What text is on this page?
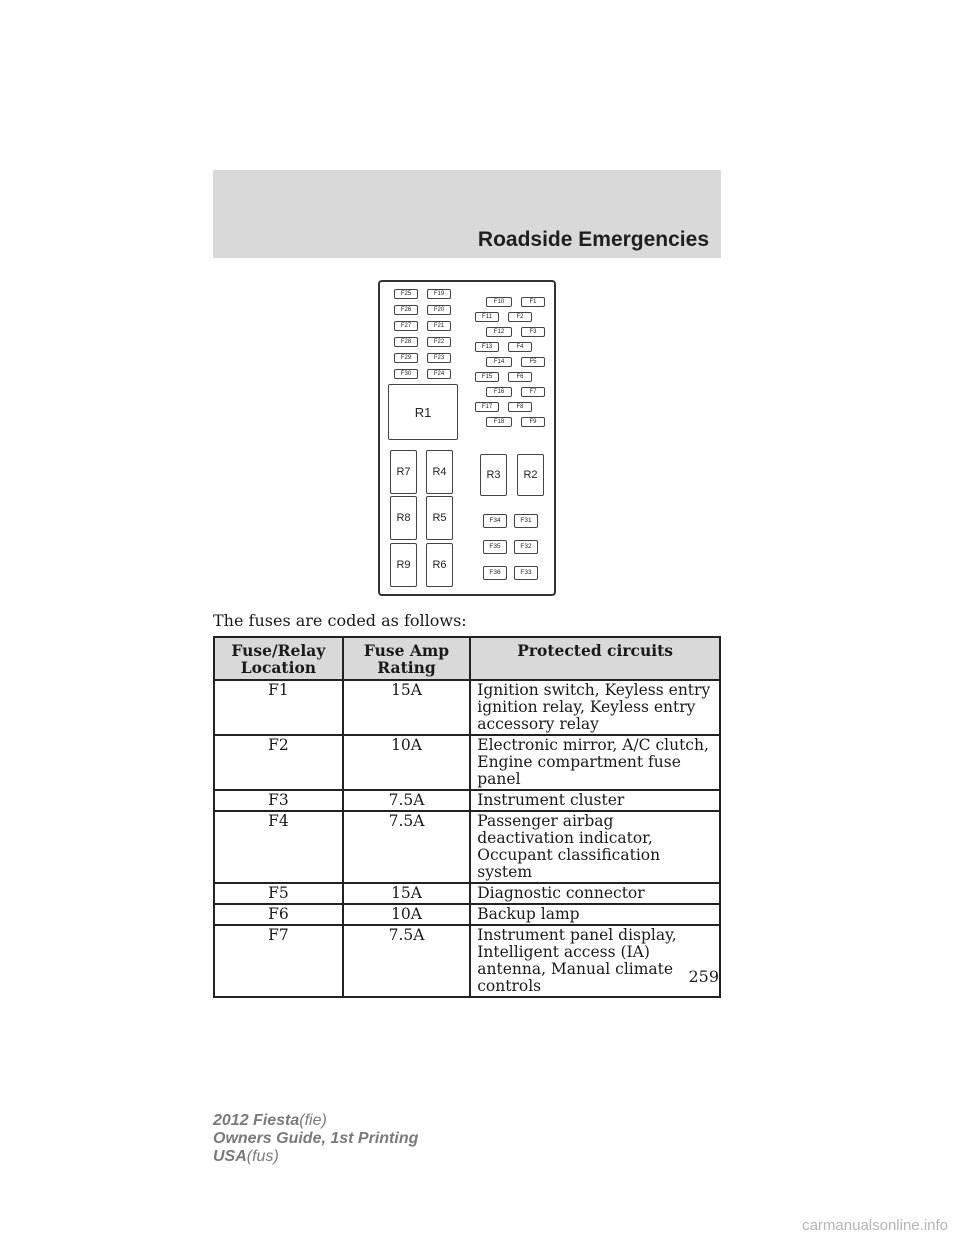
Roadside Emergencies
F25	F19
F26	F20
F27	F21
F28	F22
F29	F23
F30	F24
F10	F1
F11	F2
F12	F3
F13	F4
F14	F5
F15	F6
F16	F7
F17	F8
F18	F9
R1
R7	R4
R8	R5
R9	R6
R3	R2
F34	F31
F35	F32
F36	F33
The fuses are coded as follows:
Fuse/Relay Location	Fuse Amp Rating	Protected circuits
F1	15A	Ignition switch, Keyless entry ignition relay, Keyless entry accessory relay
F2	10A	Electronic mirror, A/C clutch, Engine compartment fuse panel
F3	7.5A	Instrument cluster
F4	7.5A	Passenger airbag deactivation indicator, Occupant classification system
F5	15A	Diagnostic connector
F6	10A	Backup lamp
F7	7.5A	Instrument panel display, Intelligent access (IA) antenna, Manual climate controls	259
2012 Fiesta(fie)
Owners Guide, 1st Printing
USA(fus)
carmanualsonline.info
